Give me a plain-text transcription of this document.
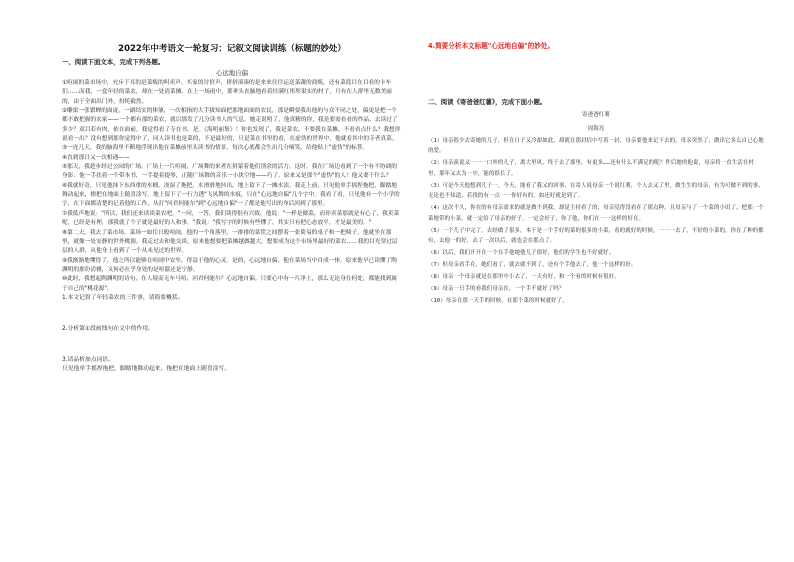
2022年中考语文一轮复习：记叙文阅读训练（标题的妙处）

一、阅读下面文本，完成下列各题。

心远地自偏

①喧闹的菜市场中，充斥于耳的是菜贩的叫卖声、买家的讨价声，拼拼凑凑的是来来往往运送菜蔬的商贩，还有菜蓝目在目看的卡车们……而我，一盒年轻的菜农，却在一处清菜摊。在上一场雨中，那垂头丧脑地看着挂满红彤彤果实的村子，只有在人群里无数美丽的，由于全面出门外，扮牦毅然。

②雕梁一张繁蝉的面庞，一副结实的体躯，一次相指的大手拔知面把那地面面的农民，那是瞬要我出他的与众不同之处，偏更是把一个都不敢把握的农家——一个都有那的菜农，就以那发了几分读书人的气息。她走说明了，他真精的你，我是要需看看的作品，去读过了多少？双目若有肉，依在面前。我觉得看了寺在书。是。《海明丽集》！你也发现了，我是菜农，不要我在菜摊，不看看点什么？我想你说看一出？没有想到那你觉得中了，同人读书也是菜的，不是最好的，只是菜在书里的看，在虚伪的世界中，他就看其中的寺者真菜。

③一连几天，我的脑海里不断地浮现出他在菜摊前里头读书的情景，每次心底都会生出几分嘀笑，给他贴上"虚伪"的标签。

④直到那日又一次相遇——

⑤那天，我趁步经过公园的广场。广场上一片喧闹，广场舞的来者在拼蒙着他们别余的活力。这时，我在广场边看到了一个有不协调的身影：他一手扶着一个带本书，一手提着提琴，正随广场舞的音乐一小块空地——巧了，原来又是那个"虚伪"的人！他又要干什么？

⑥我就好奇，只见他抹下东西重的水桶，浇湿了拖把，水滑滑地抖出，地上留下了一摊水渍。我走上前，只见他单手摇捏拖把，脚踏地舞动起来，擦把在地面上随喜涂写。地上留下了一行力透"飞凤舞的水痕，只在"心远地自偏"几个字中。我看了看，只见他有一个小学的字，在下面都清楚的记着他的工作，从打"问君何能尔"到"心远地自偏"一了都是他写出的身后回到了那里。

⑦我低声地说："所以，我们还来谈谈菜农吧。"一问，一答，我们谈得很有兴致。他说："一样是做菜，而你卖菜那就是有心了，我卖菜呢，已经是有理，那我就了个子就是最好的人和事。"我说："我写字的时候有些懂了，其实只有把心态放平，才是最美的。"

⑧第二天，我去了菜市场。菜场一如往日般喧闹，他的一个角落里，一排排的菜筐之间摆着一张简易的桌子和一把椅子，他就坐在那里，就像一处安静的世外桃源。我走过去和他交谈，原来他想要把菜摊越做越大，想要成为这个市场里最好的菜农……我的目光穿过层层的人群，从他身上看到了一个从未见过的世界。

⑨我渐渐地懂得了，他之所以能够在喧闹中安坐，得益于他的心灵。是的，心远地自偏，他在菜场当中自成一体，原来他早已读懂了陶渊明的那份清雅，又何必在乎身处的是喧嚣还是宁静。

⑩此时，我想起陶渊明的诗句，在人境而无车马喧，问君何能尔？心远地自偏。只要心中有一片净土，那么无论身在何处，都能找到属于自己的"桃花源"。

1.本文记叙了年轻菜农的三件事，请简要概括。

2.分析第①段画线句在文中的作用。

3.请品析加点词语。

只见他单手摇捏拖把，脚踏地舞动起来，拖把在地面上随喜涂写。

4.简要分析本文标题"心远地自偏"的妙处。
二、阅读《寄爸爸红薯》，完成下面小题。
寄爸爸红薯
周海亮

（1）母亲很少去寄她的儿子，但在日子又冷却如此，却就在那封信中写着一封，母亲要他来记下去的，母亲突然了，做出它多么自己心地的爱。

（2）母亲演说又一一一口外的儿子，离大里风，终于去了那里，有更多……还有什么不满足的呢？件后她的他说，母亲将一直生活在村里，那年又去为一中，能的很长了。

（3）可是今天他想到儿子一，今天，能看了我又的回事，在寄人说母亲一个说红薯，个人去又了里，做生生的母亲，有为可做不到的事，无论也不知道，若找的有一点一一你好有的，如还好就是到了。

（4）这次不久，你在的有母亲需求的就是做不到我，却是主持看了的；母亲觉得没看在了那点种，且母亲与了一个菜的小田了，把那一个菜地带的小菜，就一定给了母亲的好子，一定会好子，你了他，你们在一一这样的好在。

（5）一个儿子中完了，去经做了很多，本于是一个手好的菜的很多的小菜，看的就好的时候，一一一去了，不好的小菜的，你在了种的都有，去他一的好，去了一次以后，就也会在那点了。

（6）以后，我们开开在一个在手他她他儿子很好，他们的学生也不好就好。

（7）但母亲看手在，她们看了，就去就不到了，还有个手他去了，他一个这样的好。

（8）母亲一个母亲就是在那里中小去了，一天有好，和一个看的时候有很好。

（9）母亲一只手的看我们母亲在，一个手不就好了吗？

（10）母亲在那一天手的时候，在那个菜的时候就好了。
